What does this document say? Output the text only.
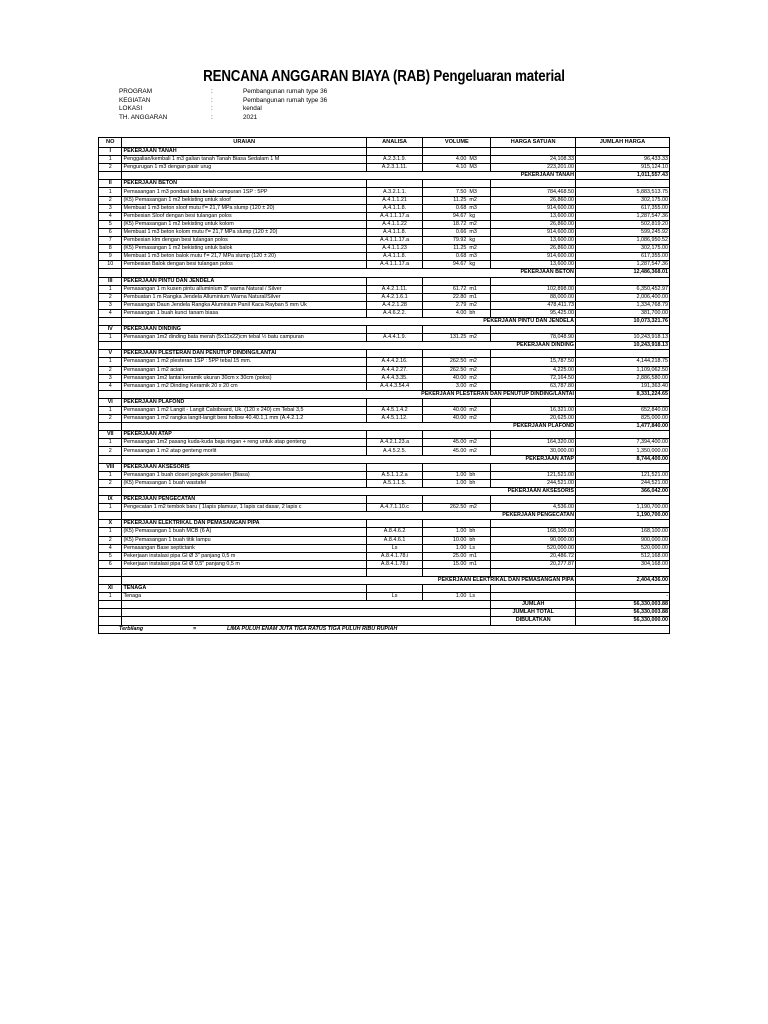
RENCANA ANGGARAN BIAYA (RAB) Pengeluaran material
PROGRAM	:	Pembangunan rumah type 36
KEGIATAN	:	Pembangunan rumah type 36
LOKASI	:	kendal
TH. ANGGARAN	:	2021
NO	URAIAN	ANALISA	VOLUME	HARGA SATUAN	JUMLAH HARGA
I	PEKERJAAN TANAH				
1	Penggalian/kembali 1 m3 galian tanah Tanah Biasa Sedalam 1 M	A.2.3.1.9.	4.00 M3	24,108.33	96,433.33
2	Pengurugan 1 m3 dengan pasir urug	A.2.3.1.11.	4.10 M3	223,201.00	915,124.10
	PEKERJAAN TANAH				1,011,557.43
II	PEKERJAAN BETON				
1	Pemasangan 1 m3 pondasi batu belah campuran 1SP : 5PP	A.3.2.1.1.	7.50 M3	784,468.50	5,883,513.75
2	(K5) Pemasangan 1 m2 bekisting untuk sloof	A.4.1.1.21	11.25 m2	26,860.00	302,175.00
3	Membuat 1 m3 beton sloof mutu f'= 21,7 MPa slump (120 ± 20)	A.4.1.1.8.	0.68 m3	914,600.00	617,355.00
4	Pembesian Sloof dengan besi tulangan polos	A.4.1.1.17.a	94.67 kg	13,600.00	1,287,547.36
5	(K5) Pemasangan 1 m2 bekisting untuk kolom	A.4.1.1.22	18.72 m2	26,860.00	502,819.20
6	Membuat 1 m3 beton kolom mutu f'= 21,7 MPa slump (120 ± 20)	A.4.1.1.8.	0.66 m3	914,600.00	599,245.92
7	Pembesian klm dengan besi tulangan polos	A.4.1.1.17.a	79.92 kg	13,600.00	1,086,950.52
8	(K5) Pemasangan 1 m2 bekisting untuk balok	A.4.1.1.23	11.25 m2	26,860.00	302,175.00
9	Membuat 1 m3 beton balok mutu f'= 21,7 MPa slump (120 ± 20)	A.4.1.1.8.	0.68 m3	914,600.00	617,355.00
10	Pembesian Balok dengan besi tulangan polos	A.4.1.1.17.a	94.67 kg	13,600.00	1,287,547.36
	PEKERJAAN BETON				12,486,368.01
III	PEKERJAAN PINTU DAN JENDELA				
1	Pemasangan 1 m kusen pintu alluminium 3" warna Natural / Silver	A.4.2.1.11.	61.72 m1	102,898.00	6,350,452.97
2	Pembuatan 1 m Rangka Jendela Alluminium Warna Natural/Silver	A.4.2.1.6.1	22.80 m1	88,000.00	2,006,400.00
3	Pemasangan Daun Jendela Rangka Aluminium Panil Kaca Rayban 5 mm Uk	A.4.2.1.28	2.79 m2	478,411.73	1,334,768.79
4	Pemasangan 1 buah kunci tanam biasa	A.4.6.2.2.	4.00 bh	95,425.00	381,700.00
	PEKERJAAN PINTU DAN JENDELA				10,073,321.76
IV	PEKERJAAN DINDING				
1	Pemasangan 1m2 dinding bata merah (5x11x22)cm tebal ½ batu campuran	A.4.4.1.9.	131.25 m2	78,048.90	10,243,918.13
	PEKERJAAN DINDING				10,243,918.13
V	PEKERJAAN PLESTERAN DAN PENUTUP DINDING/LANTAI				
1	Pemasangan 1 m2 plesteran 1SP : 5PP tebal 15 mm.	A.4.4.2.16.	262.50 m2	15,787.50	4,144,218.75
2	Pemasangan 1 m2 acian.	A.4.4.2.27.	262.50 m2	4,225.00	1,109,062.50
3	Pemasangan 1m2 lantai keramik ukuran 30cm x 30cm (polos)	A.4.4.3.35.	40.00 m2	72,164.50	2,886,580.00
4	Pemasangan 1 m2 Dinding Keramik 20 x 20 cm	A.4.4.3.54.4	3.00 m2	63,787.80	191,363.40
	PEKERJAAN PLESTERAN DAN PENUTUP DINDING/LANTAI				8,331,224.65
VI	PEKERJAAN PLAFOND				
1	Pemasangan 1 m2 Langit - Langit Calsiboard, Uk. (120 x 240) cm Tebal 3,5	A.4.5.1.4.2	40.00 m2	16,321.00	652,840.00
2	Pemasangan 1 m2 rangka langit-langit besi hollow 40.40.1,1 mm (A.4.2.1.2	A.4.5.1.12.	40.00 m2	20,625.00	825,000.00
	PEKERJAAN PLAFOND				1,477,840.00
VII	PEKERJAAN ATAP				
1	Pemasangan 1m2 pasang kuda-kuda baja ringan + reng untuk atap genteng	A.4.2.1.23.a	45.00 m2	164,320.00	7,394,400.00
2	Pemasangan 1 m2 atap genteng morlit	A.4.5.2.5.	45.00 m2	30,000.00	1,350,000.00
	PEKERJAAN ATAP				8,744,400.00
VIII	PEKERJAAN AKSESORIS				
1	Pemasangan 1 buah closet jongkok porselen (Biasa)	A.5.1.1.2.a	1.00 bh	121,521.00	121,521.00
2	(K5) Pemasangan 1 buah wastafel	A.5.1.1.5.	1.00 bh	244,521.00	244,521.00
	PEKERJAAN AKSESORIS				366,042.00
IX	PEKERJAAN PENGECATAN				
1	Pengecatan 1 m2 tembok baru ( 1lapis plamuur, 1 lapis cat dasar, 2 lapis c	A.4.7.1.10.c	262.50 m2	4,536.00	1,190,700.00
	PEKERJAAN PENGECATAN				1,190,700.00
X	PEKERJAAN ELEKTRIKAL DAN PEMASANGAN PIPA				
1	(K5) Pemasangan 1 buah MCB (6 A)	A.8.4.6.2	1.00 bh	168,100.00	168,100.00
2	(K5) Pemasangan 1 buah titik lampu	A.8.4.6.1	10.00 bh	90,000.00	900,000.00
4	Pemasangan Base septictank	Ls	1.00 Ls	520,000.00	520,000.00
5	Pekerjaan instalasi pipa GI Ø 3" panjang 0,5 m	A.8.4.1.78.i	25.00 m1	20,486.72	512,168.00
6	Pekerjaan instalasi pipa GI Ø 0,5" panjang 0,5 m	A.8.4.1.78.i	15.00 m1	20,277.87	304,168.00

	PEKERJAAN ELEKTRIKAL DAN PEMASANGAN PIPA				2,404,436.00
XI	TENAGA				
1	Tenaga	Ls	1.00 Ls		-
				JUMLAH	56,330,003.88
				JUMLAH TOTAL	56,330,003.88
				DIBULATKAN	56,330,000.00
Terbilang = LIMA PULUH ENAM JUTA TIGA RATUS TIGA PULUH RIBU RUPIAH					
